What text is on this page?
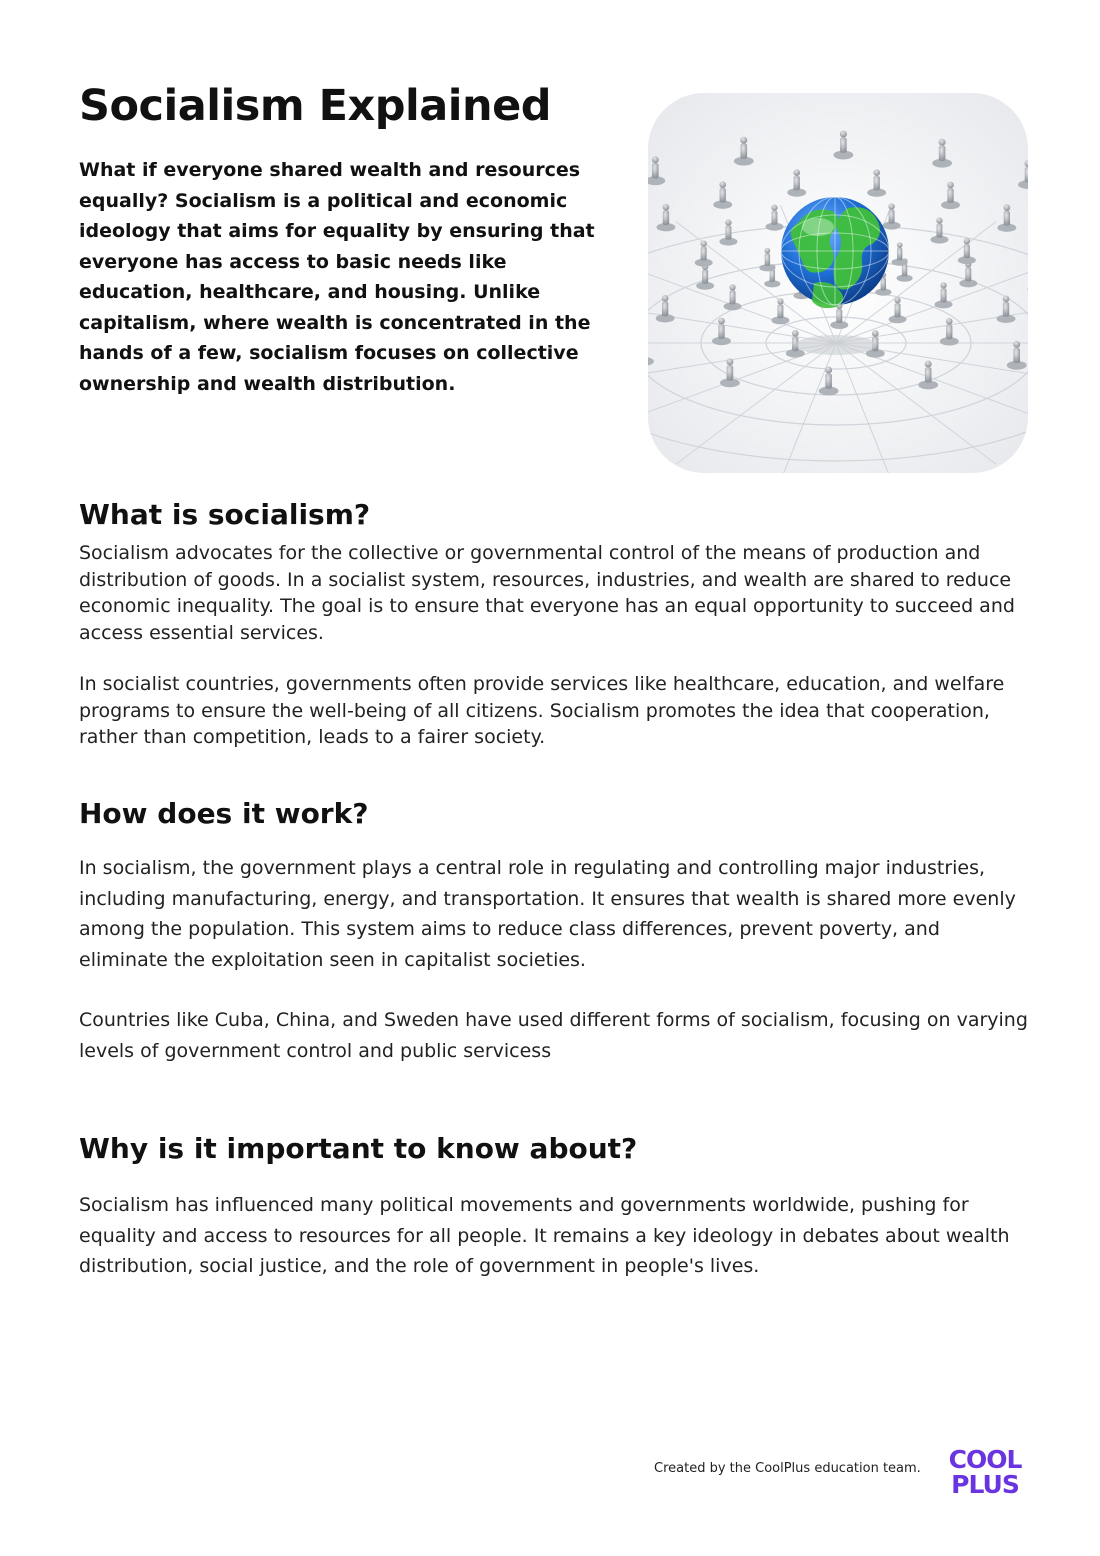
Socialism Explained

What if everyone shared wealth and resources equally? Socialism is a political and economic ideology that aims for equality by ensuring that everyone has access to basic needs like education, healthcare, and housing. Unlike capitalism, where wealth is concentrated in the hands of a few, socialism focuses on collective ownership and wealth distribution.

What is socialism?

Socialism advocates for the collective or governmental control of the means of production and distribution of goods. In a socialist system, resources, industries, and wealth are shared to reduce economic inequality. The goal is to ensure that everyone has an equal opportunity to succeed and access essential services.

In socialist countries, governments often provide services like healthcare, education, and welfare programs to ensure the well-being of all citizens. Socialism promotes the idea that cooperation, rather than competition, leads to a fairer society.

How does it work?

In socialism, the government plays a central role in regulating and controlling major industries, including manufacturing, energy, and transportation. It ensures that wealth is shared more evenly among the population. This system aims to reduce class differences, prevent poverty, and eliminate the exploitation seen in capitalist societies.

Countries like Cuba, China, and Sweden have used different forms of socialism, focusing on varying levels of government control and public servicess

Why is it important to know about?

Socialism has influenced many political movements and governments worldwide, pushing for equality and access to resources for all people. It remains a key ideology in debates about wealth distribution, social justice, and the role of government in people's lives.

Created by the CoolPlus education team. COOL
PLUS
